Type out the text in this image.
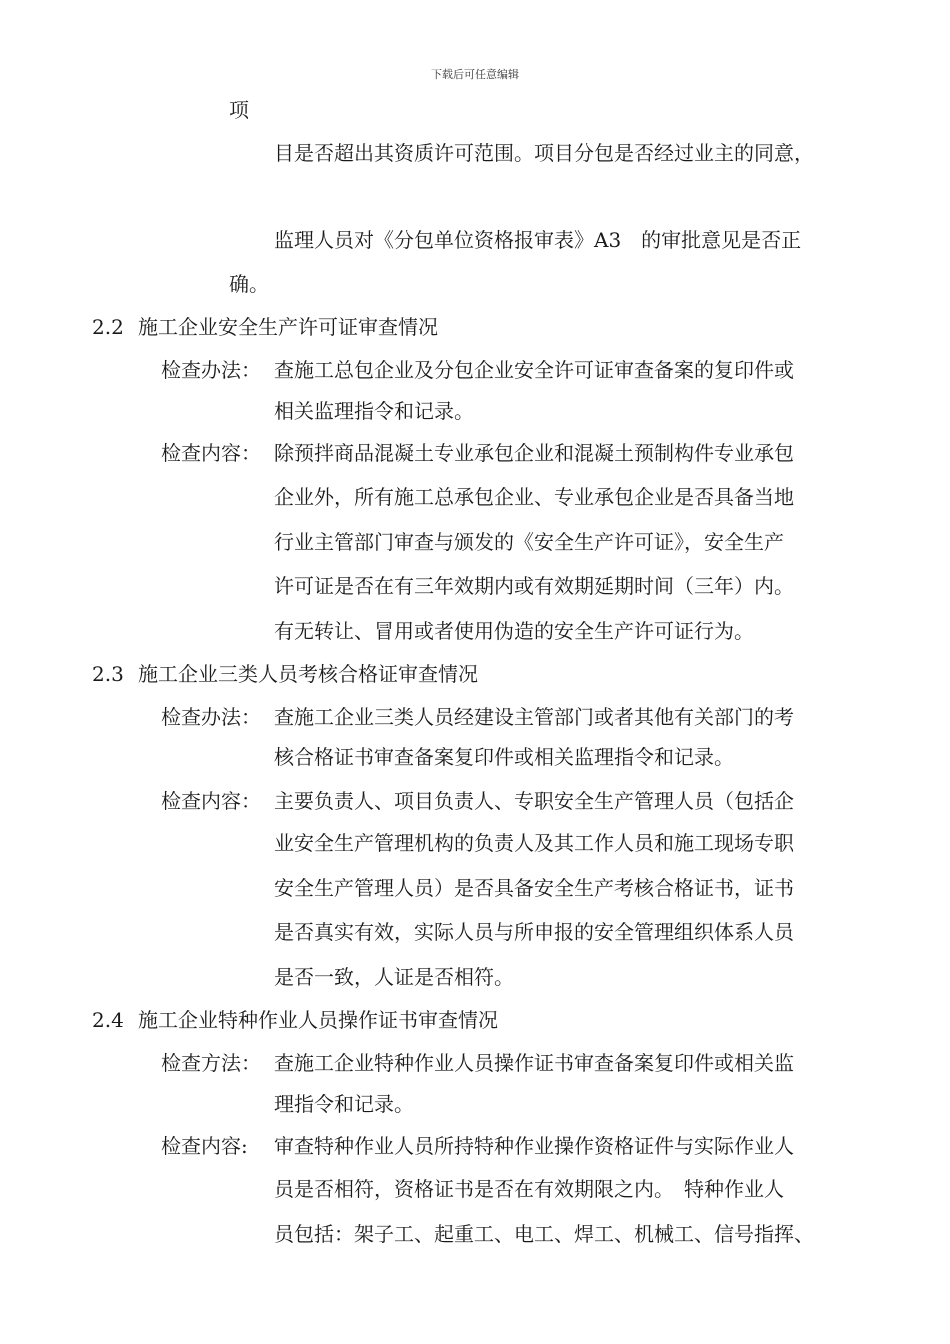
下载后可任意编辑
项
目是否超出其资质许可范围。项目分包是否经过业主的同意，
监理人员对《分包单位资格报审表》A3　的审批意见是否正
确。
2.2 施工企业安全生产许可证审查情况
检查办法： 查施工总包企业及分包企业安全许可证审查备案的复印件或
相关监理指令和记录。
检查内容： 除预拌商品混凝土专业承包企业和混凝土预制构件专业承包
企业外，所有施工总承包企业、专业承包企业是否具备当地
行业主管部门审查与颁发的《安全生产许可证》，安全生产
许可证是否在有三年效期内或有效期延期时间（三年）内。
有无转让、冒用或者使用伪造的安全生产许可证行为。
2.3 施工企业三类人员考核合格证审查情况
检查办法： 查施工企业三类人员经建设主管部门或者其他有关部门的考
核合格证书审查备案复印件或相关监理指令和记录。
检查内容： 主要负责人、项目负责人、专职安全生产管理人员（包括企
业安全生产管理机构的负责人及其工作人员和施工现场专职
安全生产管理人员）是否具备安全生产考核合格证书，证书
是否真实有效，实际人员与所申报的安全管理组织体系人员
是否一致，人证是否相符。
2.4 施工企业特种作业人员操作证书审查情况
检查方法： 查施工企业特种作业人员操作证书审查备案复印件或相关监
理指令和记录。
检查内容: 审查特种作业人员所持特种作业操作资格证件与实际作业人
员是否相符，资格证书是否在有效期限之内。　特种作业人
员包括：架子工、起重工、电工、焊工、机械工、信号指挥、
